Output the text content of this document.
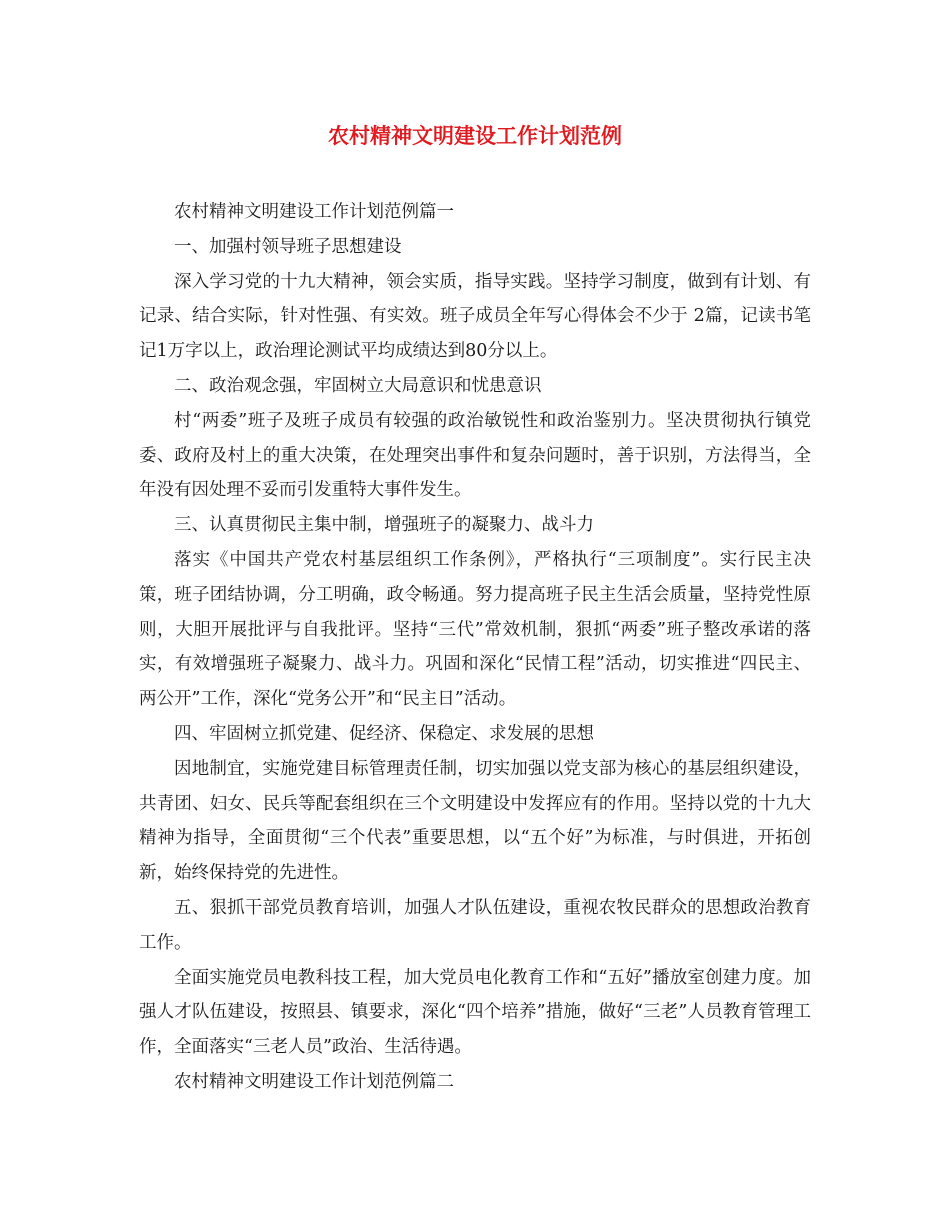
农村精神文明建设工作计划范例

农村精神文明建设工作计划范例篇一

一、加强村领导班子思想建设

深入学习党的十九大精神，领会实质，指导实践。坚持学习制度，做到有计划、有记录、结合实际，针对性强、有实效。班子成员全年写心得体会不少于 2篇，记读书笔记1万字以上，政治理论测试平均成绩达到80分以上。

二、政治观念强，牢固树立大局意识和忧患意识

村“两委”班子及班子成员有较强的政治敏锐性和政治鉴别力。坚决贯彻执行镇党委、政府及村上的重大决策，在处理突出事件和复杂问题时，善于识别，方法得当，全年没有因处理不妥而引发重特大事件发生。

三、认真贯彻民主集中制，增强班子的凝聚力、战斗力

落实《中国共产党农村基层组织工作条例》，严格执行“三项制度”。实行民主决策，班子团结协调，分工明确，政令畅通。努力提高班子民主生活会质量，坚持党性原则，大胆开展批评与自我批评。坚持“三代”常效机制，狠抓“两委”班子整改承诺的落实，有效增强班子凝聚力、战斗力。巩固和深化“民情工程”活动，切实推进“四民主、两公开”工作，深化“党务公开”和“民主日”活动。

四、牢固树立抓党建、促经济、保稳定、求发展的思想

因地制宜，实施党建目标管理责任制，切实加强以党支部为核心的基层组织建设，共青团、妇女、民兵等配套组织在三个文明建设中发挥应有的作用。坚持以党的十九大精神为指导，全面贯彻“三个代表”重要思想，以“五个好”为标准，与时俱进，开拓创新，始终保持党的先进性。

五、狠抓干部党员教育培训，加强人才队伍建设，重视农牧民群众的思想政治教育工作。

全面实施党员电教科技工程，加大党员电化教育工作和“五好”播放室创建力度。加强人才队伍建设，按照县、镇要求，深化“四个培养”措施，做好“三老”人员教育管理工作，全面落实“三老人员”政治、生活待遇。

农村精神文明建设工作计划范例篇二
